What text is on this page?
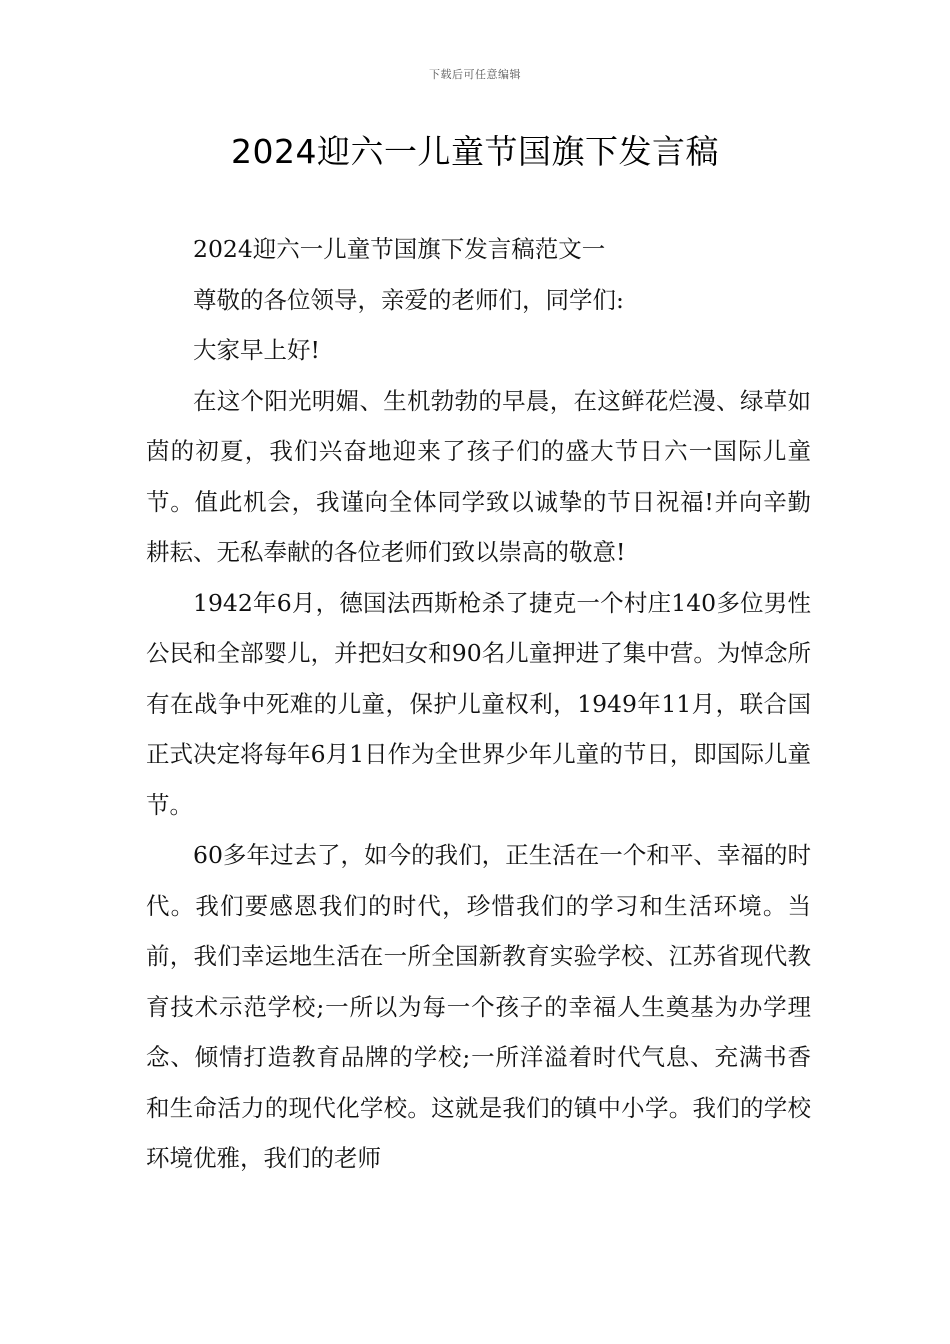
下载后可任意编辑
2024迎六一儿童节国旗下发言稿

2024迎六一儿童节国旗下发言稿范文一

尊敬的各位领导，亲爱的老师们，同学们:

大家早上好!

在这个阳光明媚、生机勃勃的早晨，在这鲜花烂漫、绿草如茵的初夏，我们兴奋地迎来了孩子们的盛大节日六一国际儿童节。值此机会，我谨向全体同学致以诚挚的节日祝福!并向辛勤耕耘、无私奉献的各位老师们致以崇高的敬意!

1942年6月，德国法西斯枪杀了捷克一个村庄140多位男性公民和全部婴儿，并把妇女和90名儿童押进了集中营。为悼念所有在战争中死难的儿童，保护儿童权利，1949年11月，联合国正式决定将每年6月1日作为全世界少年儿童的节日，即国际儿童节。

60多年过去了，如今的我们，正生活在一个和平、幸福的时代。我们要感恩我们的时代，珍惜我们的学习和生活环境。当前，我们幸运地生活在一所全国新教育实验学校、江苏省现代教育技术示范学校;一所以为每一个孩子的幸福人生奠基为办学理念、倾情打造教育品牌的学校;一所洋溢着时代气息、充满书香和生命活力的现代化学校。这就是我们的镇中小学。我们的学校环境优雅，我们的老师
